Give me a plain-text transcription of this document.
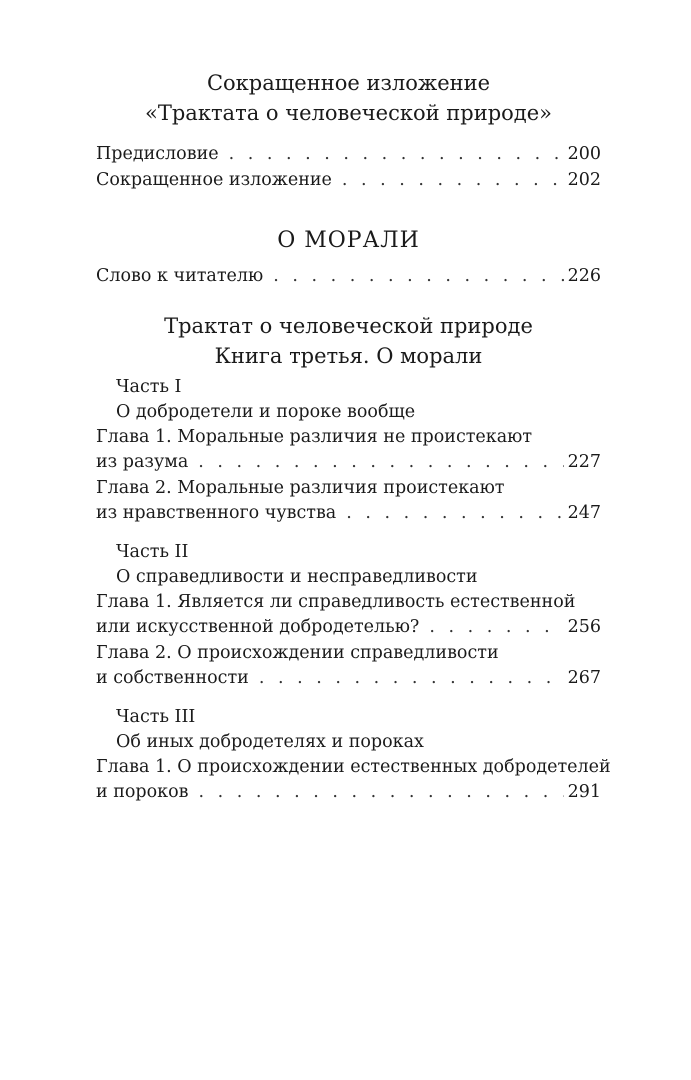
Сокращенное изложение

«Трактата о человеческой природе»

Предисловие . . .	200
Сокращенное изложение . . .	202
О МОРАЛИ
Слово к читателю . . .	226
Трактат о человеческой природе
Книга третья. О морали
Часть I
О добродетели и пороке вообще
Глава 1. Моральные различия не проистекают
из разума . . .	227
Глава 2. Моральные различия проистекают
из нравственного чувства . . .	247
Часть II
О справедливости и несправедливости
Глава 1. Является ли справедливость естественной
или искусственной добродетелью? . . .	256
Глава 2. О происхождении справедливости
и собственности . . .	267
Часть III
Об иных добродетелях и пороках
Глава 1. О происхождении естественных добродетелей
и пороков . . .	291
